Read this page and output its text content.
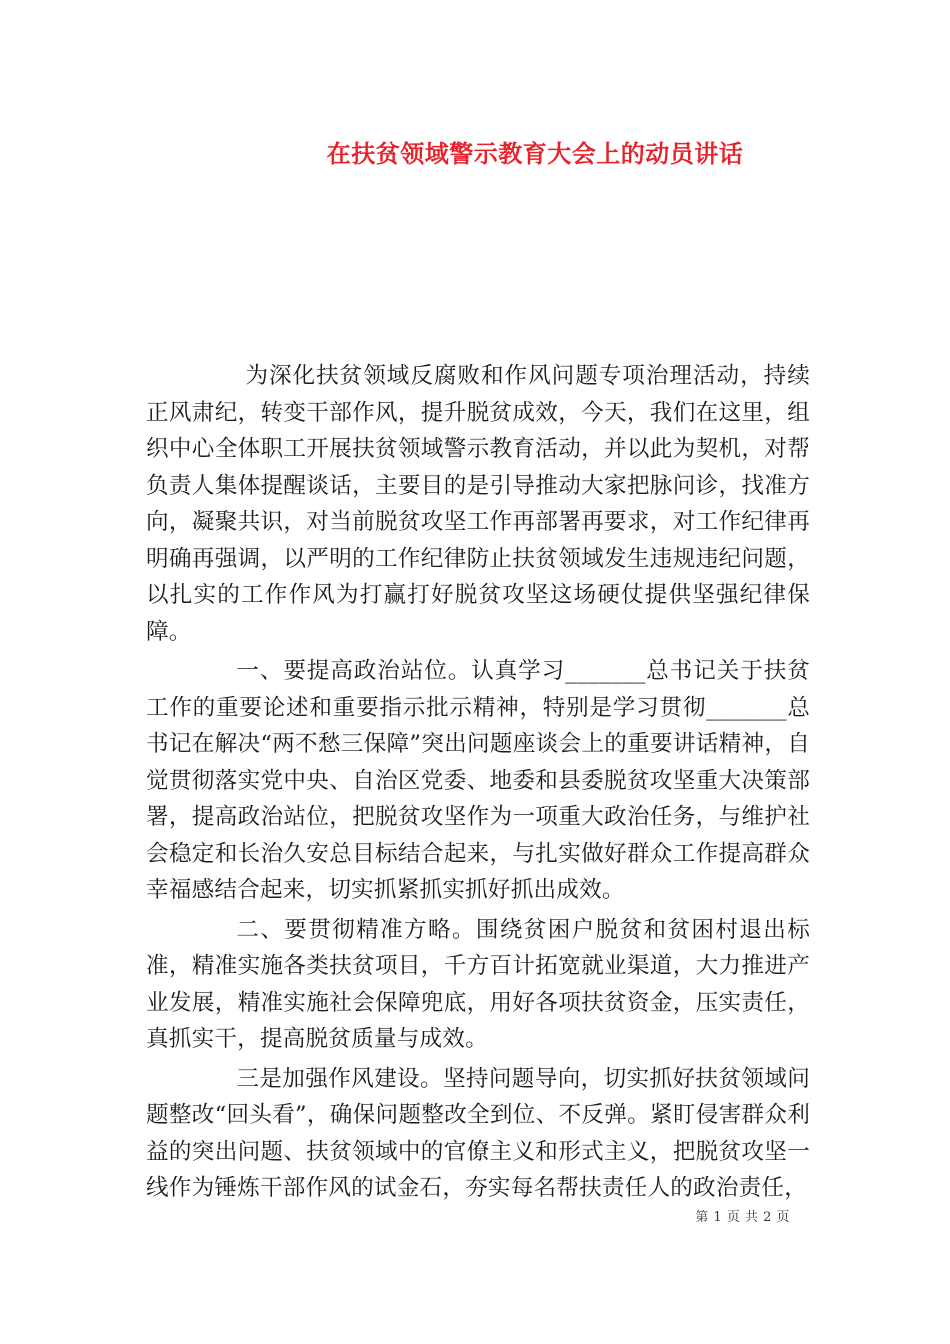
在扶贫领域警示教育大会上的动员讲话

为深化扶贫领域反腐败和作风问题专项治理活动，持续正风肃纪，转变干部作风，提升脱贫成效，今天，我们在这里，组织中心全体职工开展扶贫领域警示教育活动，并以此为契机，对帮负责人集体提醒谈话，主要目的是引导推动大家把脉问诊，找准方向，凝聚共识，对当前脱贫攻坚工作再部署再要求，对工作纪律再明确再强调，以严明的工作纪律防止扶贫领域发生违规违纪问题，以扎实的工作作风为打赢打好脱贫攻坚这场硬仗提供坚强纪律保障。

一、要提高政治站位。认真学习_______总书记关于扶贫工作的重要论述和重要指示批示精神，特别是学习贯彻_______总书记在解决“两不愁三保障”突出问题座谈会上的重要讲话精神，自觉贯彻落实党中央、自治区党委、地委和县委脱贫攻坚重大决策部署，提高政治站位，把脱贫攻坚作为一项重大政治任务，与维护社会稳定和长治久安总目标结合起来，与扎实做好群众工作提高群众幸福感结合起来，切实抓紧抓实抓好抓出成效。

二、要贯彻精准方略。围绕贫困户脱贫和贫困村退出标准，精准实施各类扶贫项目，千方百计拓宽就业渠道，大力推进产业发展，精准实施社会保障兜底，用好各项扶贫资金，压实责任，真抓实干，提高脱贫质量与成效。

三是加强作风建设。坚持问题导向，切实抓好扶贫领域问题整改“回头看”，确保问题整改全到位、不反弹。紧盯侵害群众利益的突出问题、扶贫领域中的官僚主义和形式主义，把脱贫攻坚一线作为锤炼干部作风的试金石，夯实每名帮扶责任人的政治责任，

第 1 页 共 2 页
